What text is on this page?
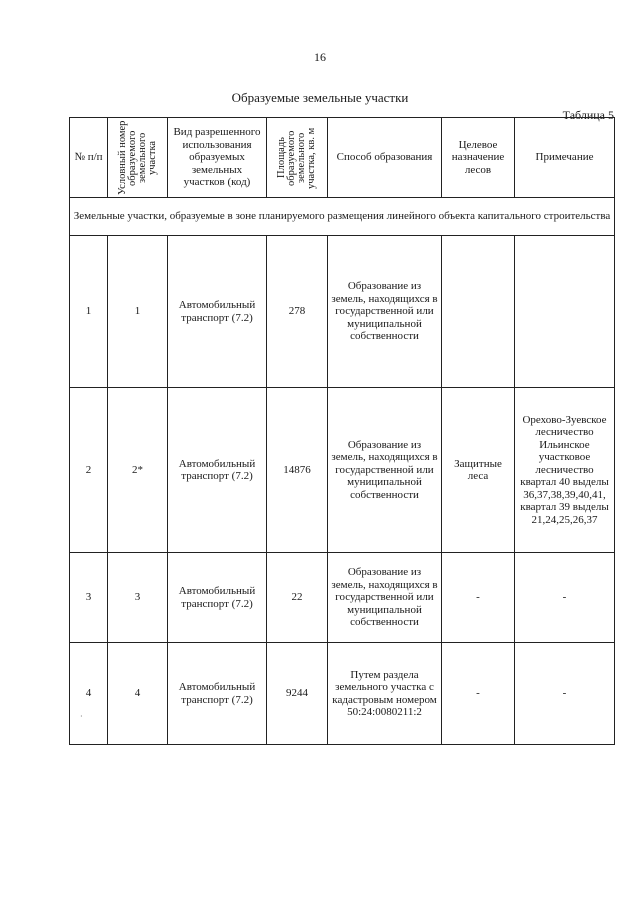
16
Образуемые земельные участки
Таблица 5
·
№ п/п	Условный номер образуемого земельного участка	Вид разрешенного использования образуемых земельных участков (код)	Площадь образуемого земельного участка, кв. м	Способ образования	Целевое назначение лесов	Примечание
Земельные участки, образуемые в зоне планируемого размещения линейного объекта капитального строительства						
1	1	Автомобильный транспорт (7.2)	278	Образование из земель, находящихся в государственной или муниципальной собственности		
2	2*	Автомобильный транспорт (7.2)	14876	Образование из земель, находящихся в государственной или муниципальной собственности	Защитные леса	Орехово-Зуевское лесничество Ильинское участковое лесничество квартал 40 выделы 36,37,38,39,40,41, квартал 39 выделы 21,24,25,26,37
3	3	Автомобильный транспорт (7.2)	22	Образование из земель, находящихся в государственной или муниципальной собственности	-	-
4	4	Автомобильный транспорт (7.2)	9244	Путем раздела земельного участка с кадастровым номером 50:24:0080211:2	-	-
